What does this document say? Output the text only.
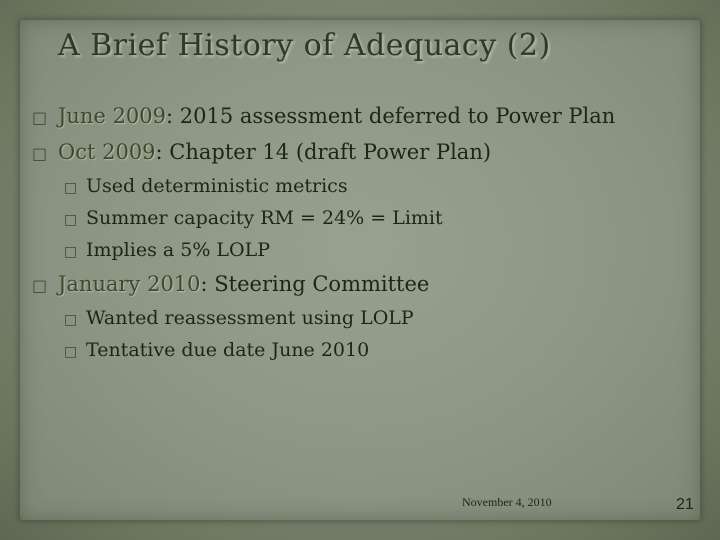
A Brief History of Adequacy (2)
□ June 2009: 2015 assessment deferred to Power Plan
□ Oct 2009: Chapter 14 (draft Power Plan)
□ Used deterministic metrics
□ Summer capacity RM = 24% = Limit
□ Implies a 5% LOLP
□ January 2010: Steering Committee
□ Wanted reassessment using LOLP
□ Tentative due date June 2010
November 4, 2010	21
